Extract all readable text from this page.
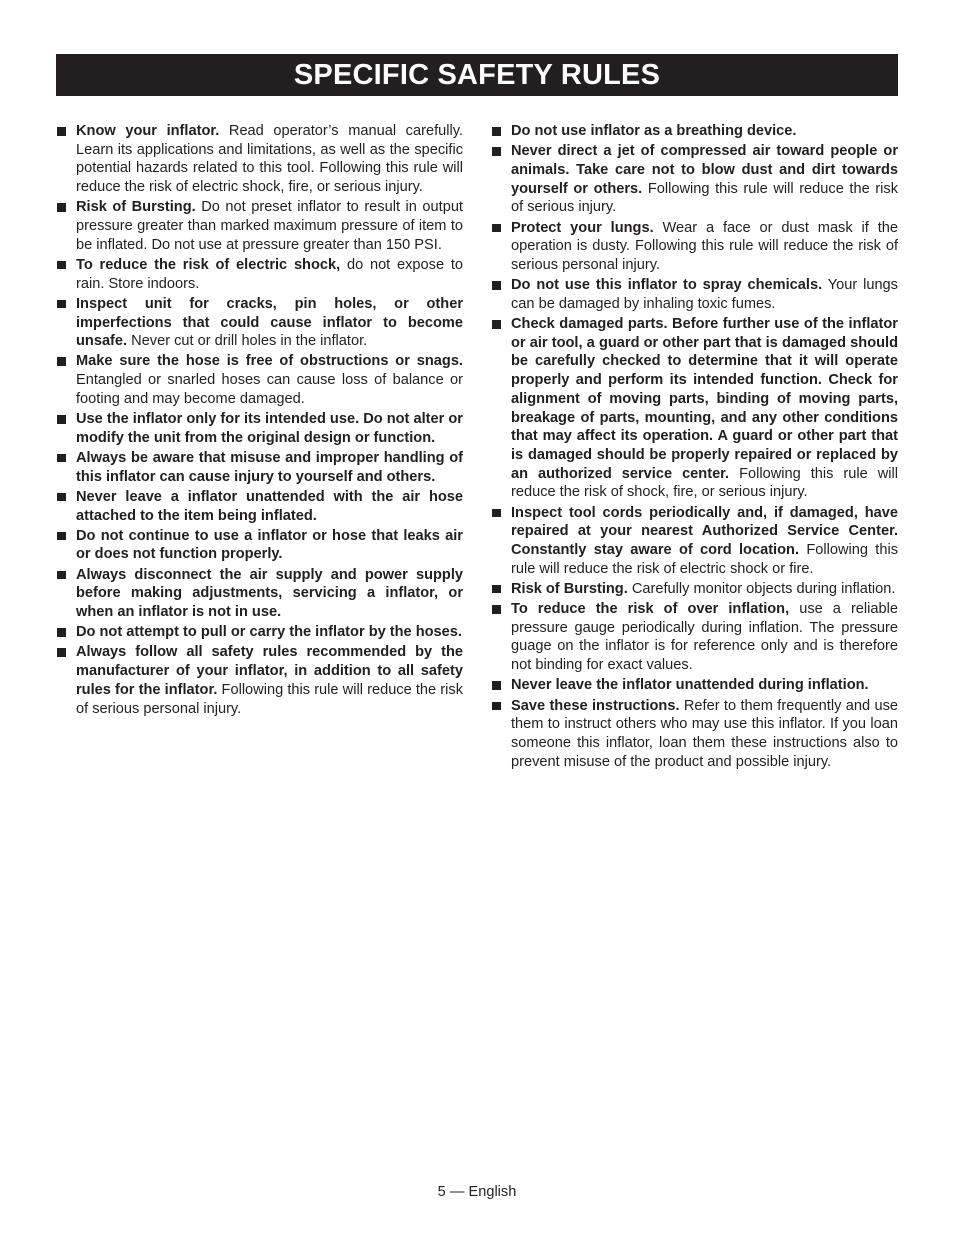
SPECIFIC SAFETY RULES
Know your inflator. Read operator’s manual carefully. Learn its applications and limitations, as well as the specific potential hazards related to this tool. Following this rule will reduce the risk of electric shock, fire, or serious injury.
Risk of Bursting. Do not preset inflator to result in output pressure greater than marked maximum pressure of item to be inflated. Do not use at pressure greater than 150 PSI.
To reduce the risk of electric shock, do not expose to rain. Store indoors.
Inspect unit for cracks, pin holes, or other imperfections that could cause inflator to become unsafe. Never cut or drill holes in the inflator.
Make sure the hose is free of obstructions or snags. Entangled or snarled hoses can cause loss of balance or footing and may become damaged.
Use the inflator only for its intended use. Do not alter or modify the unit from the original design or function.
Always be aware that misuse and improper handling of this inflator can cause injury to yourself and others.
Never leave a inflator unattended with the air hose attached to the item being inflated.
Do not continue to use a inflator or hose that leaks air or does not function properly.
Always disconnect the air supply and power supply before making adjustments, servicing a inflator, or when an inflator is not in use.
Do not attempt to pull or carry the inflator by the hoses.
Always follow all safety rules recommended by the manufacturer of your inflator, in addition to all safety rules for the inflator. Following this rule will reduce the risk of serious personal injury.
Do not use inflator as a breathing device.
Never direct a jet of compressed air toward people or animals. Take care not to blow dust and dirt towards yourself or others. Following this rule will reduce the risk of serious injury.
Protect your lungs. Wear a face or dust mask if the operation is dusty. Following this rule will reduce the risk of serious personal injury.
Do not use this inflator to spray chemicals. Your lungs can be damaged by inhaling toxic fumes.
Check damaged parts. Before further use of the inflator or air tool, a guard or other part that is damaged should be carefully checked to determine that it will operate properly and perform its intended function. Check for alignment of moving parts, binding of moving parts, breakage of parts, mounting, and any other conditions that may affect its operation. A guard or other part that is damaged should be properly repaired or replaced by an authorized service center. Following this rule will reduce the risk of shock, fire, or serious injury.
Inspect tool cords periodically and, if damaged, have repaired at your nearest Authorized Service Center. Constantly stay aware of cord location. Following this rule will reduce the risk of electric shock or fire.
Risk of Bursting. Carefully monitor objects during inflation.
To reduce the risk of over inflation, use a reliable pressure gauge periodically during inflation. The pressure guage on the inflator is for reference only and is therefore not binding for exact values.
Never leave the inflator unattended during inflation.
Save these instructions. Refer to them frequently and use them to instruct others who may use this inflator. If you loan someone this inflator, loan them these instructions also to prevent misuse of the product and possible injury.
5 — English
